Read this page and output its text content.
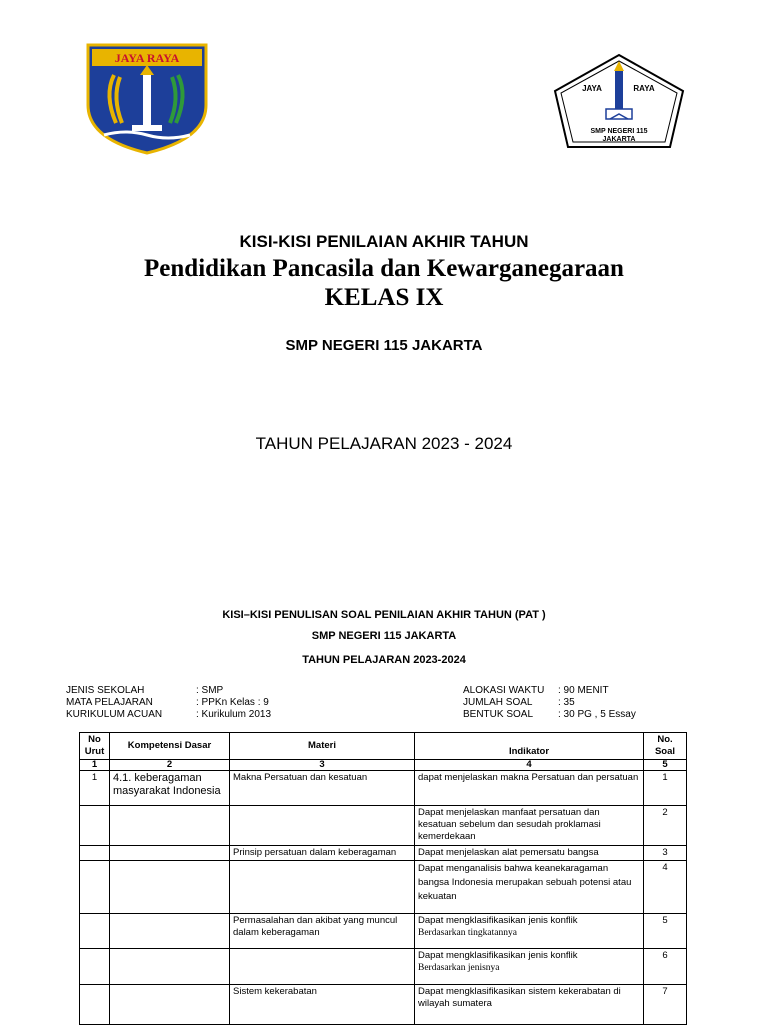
JAYA RAYA
JAYA	RAYA
SMP NEGERI 115
JAKARTA
KISI-KISI PENILAIAN AKHIR TAHUN
Pendidikan Pancasila dan Kewarganegaraan
KELAS IX
SMP NEGERI 115 JAKARTA
TAHUN PELAJARAN 2023 - 2024
KISI–KISI PENULISAN SOAL PENILAIAN AKHIR TAHUN (PAT )
SMP NEGERI 115 JAKARTA
TAHUN PELAJARAN 2023-2024
JENIS SEKOLAH	: SMP
MATA PELAJARAN	: PPKn Kelas : 9
KURIKULUM ACUAN	: Kurikulum 2013
ALOKASI WAKTU : 90 MENIT
JUMLAH SOAL	: 35
BENTUK SOAL : 30 PG , 5 Essay
No Urut	Kompetensi Dasar	Materi	Indikator	No. Soal
1	2	3	4	5
1	4.1. keberagaman masyarakat Indonesia	Makna Persatuan dan kesatuan	dapat menjelaskan makna Persatuan dan persatuan	1
			Dapat menjelaskan manfaat persatuan dan kesatuan sebelum dan sesudah proklamasi kemerdekaan	2
		Prinsip persatuan dalam keberagaman	Dapat menjelaskan alat pemersatu bangsa	3
			Dapat menganalisis bahwa keanekaragaman bangsa Indonesia merupakan sebuah potensi atau kekuatan	4
		Permasalahan dan akibat yang muncul dalam keberagaman	Dapat mengklasifikasikan jenis konflik
Berdasarkan tingkatannya	5

			Dapat mengklasifikasikan jenis konflik
Berdasarkan jenisnya	6
		Sistem kekerabatan	Dapat mengklasifikasikan sistem kekerabatan di wilayah sumatera	7
